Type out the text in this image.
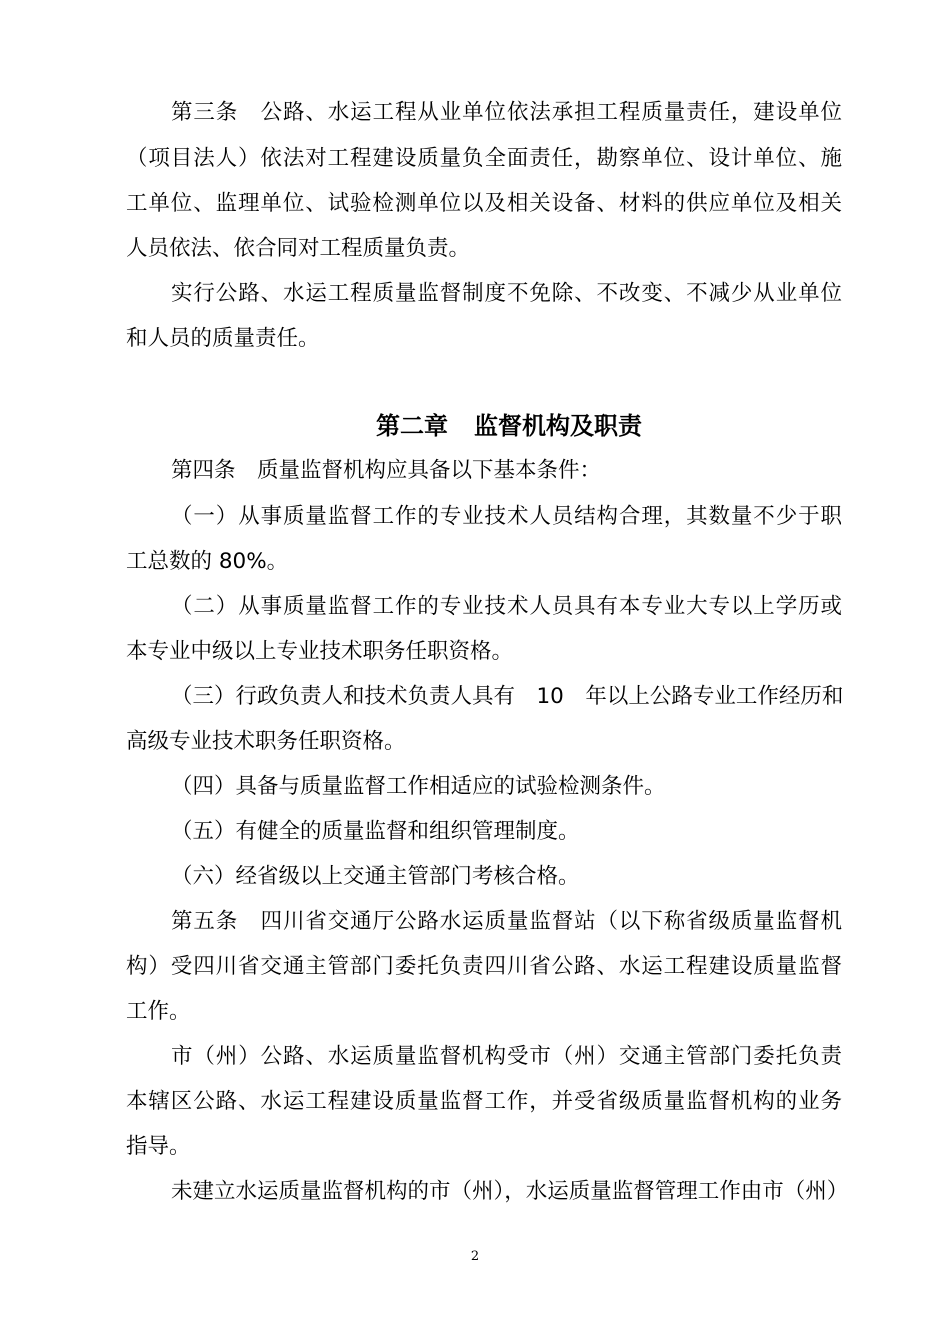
第三条　公路、水运工程从业单位依法承担工程质量责任，建设单位
（项目法人）依法对工程建设质量负全面责任，勘察单位、设计单位、施
工单位、监理单位、试验检测单位以及相关设备、材料的供应单位及相关
人员依法、依合同对工程质量负责。
实行公路、水运工程质量监督制度不免除、不改变、不减少从业单位
和人员的质量责任。
第二章 监督机构及职责
第四条　质量监督机构应具备以下基本条件：
（一）从事质量监督工作的专业技术人员结构合理，其数量不少于职
工总数的 80%。
（二）从事质量监督工作的专业技术人员具有本专业大专以上学历或
本专业中级以上专业技术职务任职资格。
（三）行政负责人和技术负责人具有　10　年以上公路专业工作经历和
高级专业技术职务任职资格。
（四）具备与质量监督工作相适应的试验检测条件。
（五）有健全的质量监督和组织管理制度。
（六）经省级以上交通主管部门考核合格。
第五条　四川省交通厅公路水运质量监督站（以下称省级质量监督机
构）受四川省交通主管部门委托负责四川省公路、水运工程建设质量监督
工作。
市（州）公路、水运质量监督机构受市（州）交通主管部门委托负责
本辖区公路、水运工程建设质量监督工作，并受省级质量监督机构的业务
指导。
未建立水运质量监督机构的市（州），水运质量监督管理工作由市（州）
2
